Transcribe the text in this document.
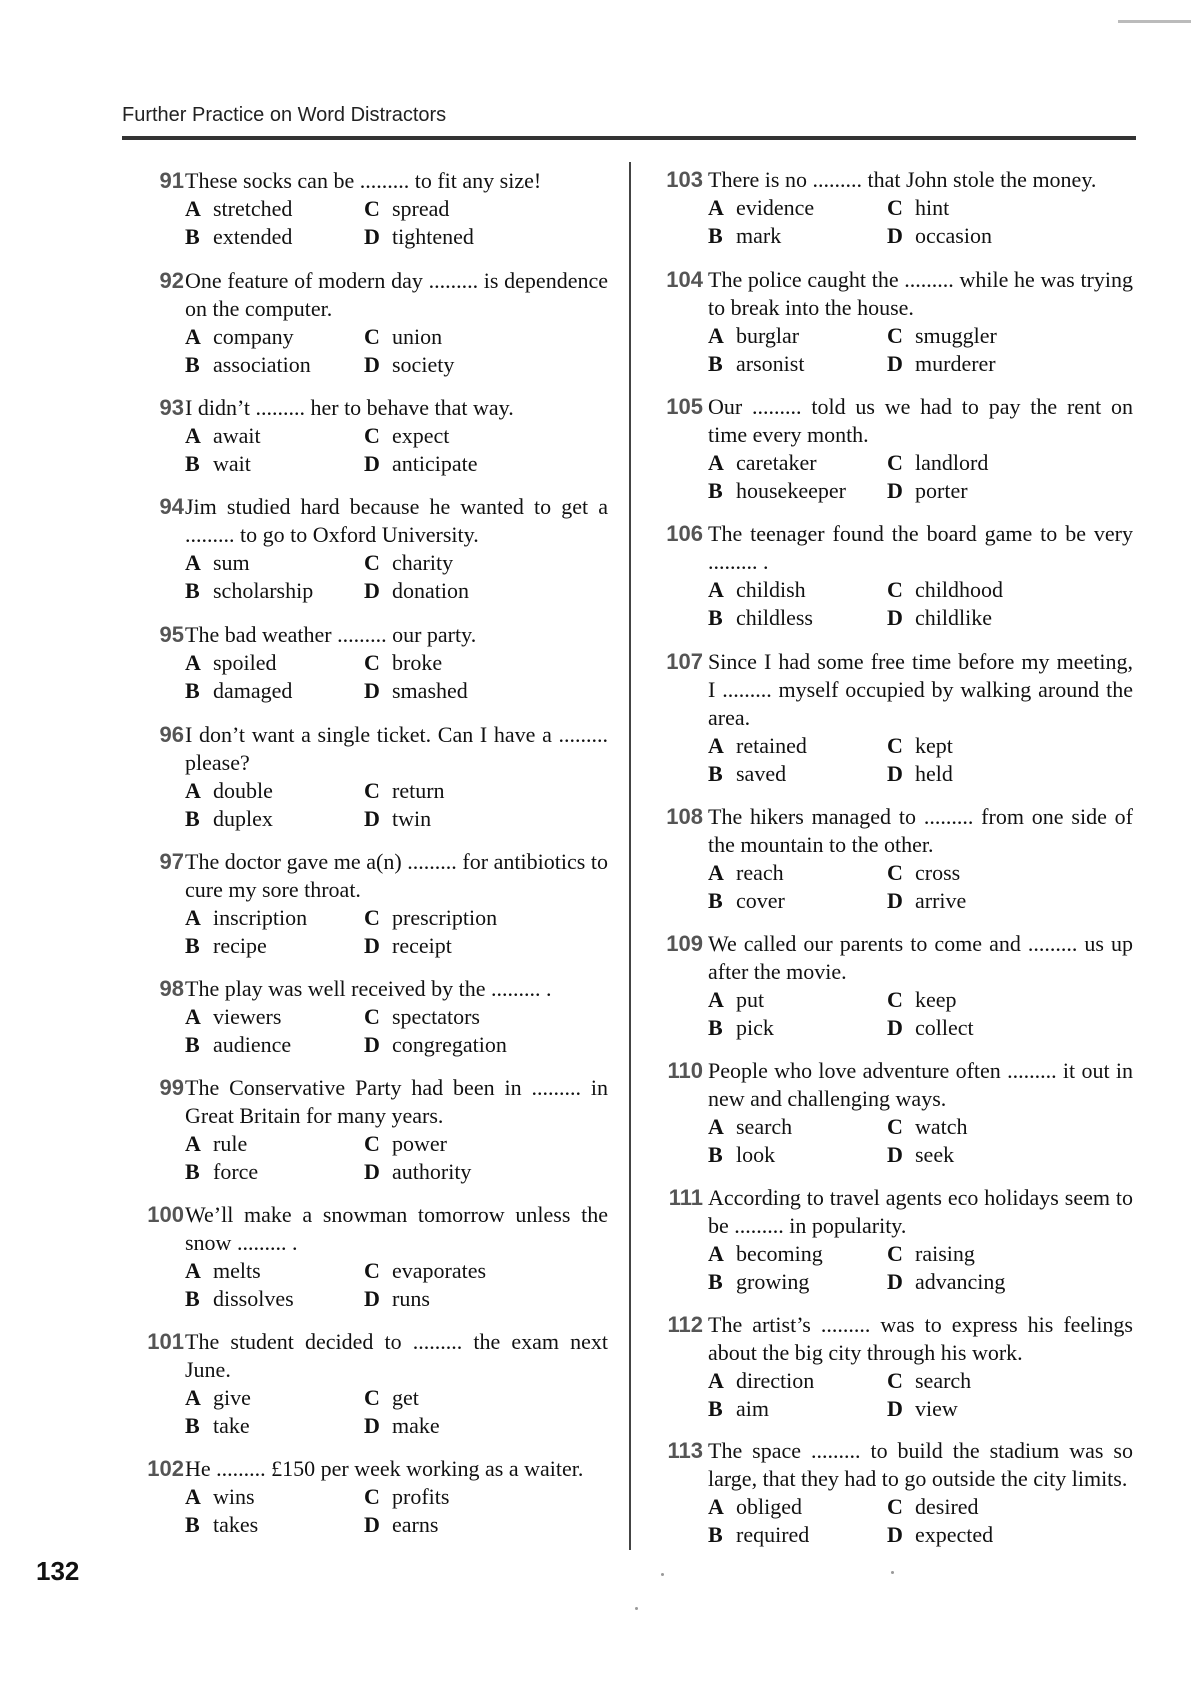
Further Practice on Word Distractors
91 These socks can be ......... to fit any size!
A stretched	C spread
B extended	D tightened
92 One feature of modern day ......... is dependence on the computer.
A company	C union
B association	D society
93 I didn’t ......... her to behave that way.
A await	C expect
B wait	D anticipate
94 Jim studied hard because he wanted to get a ......... to go to Oxford University.
A sum	C charity
B scholarship	D donation
95 The bad weather ......... our party.
A spoiled	C broke
B damaged	D smashed
96 I don’t want a single ticket. Can I have a ......... please?
A double	C return
B duplex	D twin
97 The doctor gave me a(n) ......... for antibiotics to cure my sore throat.
A inscription	C prescription
B recipe	D receipt
98 The play was well received by the ......... .
A viewers	C spectators
B audience	D congregation
99 The Conservative Party had been in ......... in Great Britain for many years.
A rule	C power
B force	D authority
100 We’ll make a snowman tomorrow unless the snow ......... .
A melts	C evaporates
B dissolves	D runs
101 The student decided to ......... the exam next June.
A give	C get
B take	D make
102 He ......... £150 per week working as a waiter.
A wins	C profits
B takes	D earns
103 There is no ......... that John stole the money.
A evidence	C hint
B mark	D occasion
104 The police caught the ......... while he was trying to break into the house.
A burglar	C smuggler
B arsonist	D murderer
105 Our ......... told us we had to pay the rent on time every month.
A caretaker	C landlord
B housekeeper	D porter
106 The teenager found the board game to be very ......... .
A childish	C childhood
B childless	D childlike
107 Since I had some free time before my meeting, I ......... myself occupied by walking around the area.
A retained	C kept
B saved	D held
108 The hikers managed to ......... from one side of the mountain to the other.
A reach	C cross
B cover	D arrive
109 We called our parents to come and ......... us up after the movie.
A put	C keep
B pick	D collect
110 People who love adventure often ......... it out in new and challenging ways.
A search	C watch
B look	D seek
111 According to travel agents eco holidays seem to be ......... in popularity.
A becoming	C raising
B growing	D advancing
112 The artist’s ......... was to express his feelings about the big city through his work.
A direction	C search
B aim	D view
113 The space ......... to build the stadium was so large, that they had to go outside the city limits.
A obliged	C desired
B required	D expected
132
